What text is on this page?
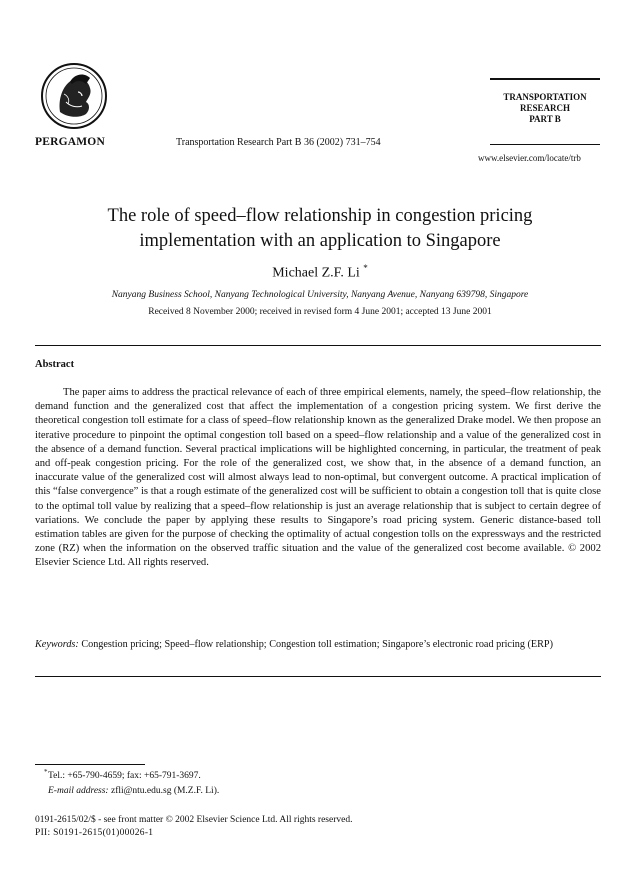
PERGAMON	Transportation Research Part B 36 (2002) 731–754
TRANSPORTATION
RESEARCH
PART B
www.elsevier.com/locate/trb
The role of speed–flow relationship in congestion pricing
implementation with an application to Singapore
Michael Z.F. Li *
Nanyang Business School, Nanyang Technological University, Nanyang Avenue, Nanyang 639798, Singapore
Received 8 November 2000; received in revised form 4 June 2001; accepted 13 June 2001
Abstract

The paper aims to address the practical relevance of each of three empirical elements, namely, the speed–flow relationship, the demand function and the generalized cost that affect the implementation of a congestion pricing system. We first derive the theoretical congestion toll estimate for a class of speed–flow relationship known as the generalized Drake model. We then propose an iterative procedure to pinpoint the optimal congestion toll based on a speed–flow relationship and a value of the generalized cost in the absence of a demand function. Several practical implications will be highlighted concerning, in particular, the treatment of peak and off-peak congestion pricing. For the role of the generalized cost, we show that, in the absence of a demand function, an inaccurate value of the generalized cost will almost always lead to non-optimal, but convergent outcome. A practical implication of this “false convergence” is that a rough estimate of the generalized cost will be sufficient to obtain a congestion toll that is quite close to the optimal toll value by realizing that a speed–flow relationship is just an average relationship that is subject to certain degree of variations. We conclude the paper by applying these results to Singapore’s road pricing system. Generic distance-based toll estimation tables are given for the purpose of checking the optimality of actual congestion tolls on the expressways and the restricted zone (RZ) when the information on the observed traffic situation and the value of the generalized cost become available. © 2002 Elsevier Science Ltd. All rights reserved.

Keywords: Congestion pricing; Speed–flow relationship; Congestion toll estimation; Singapore’s electronic road pricing (ERP)

* Tel.: +65-790-4659; fax: +65-791-3697.
E-mail address: zfli@ntu.edu.sg (M.Z.F. Li).
0191-2615/02/$ - see front matter © 2002 Elsevier Science Ltd. All rights reserved.
PII: S0191-2615(01)00026-1
